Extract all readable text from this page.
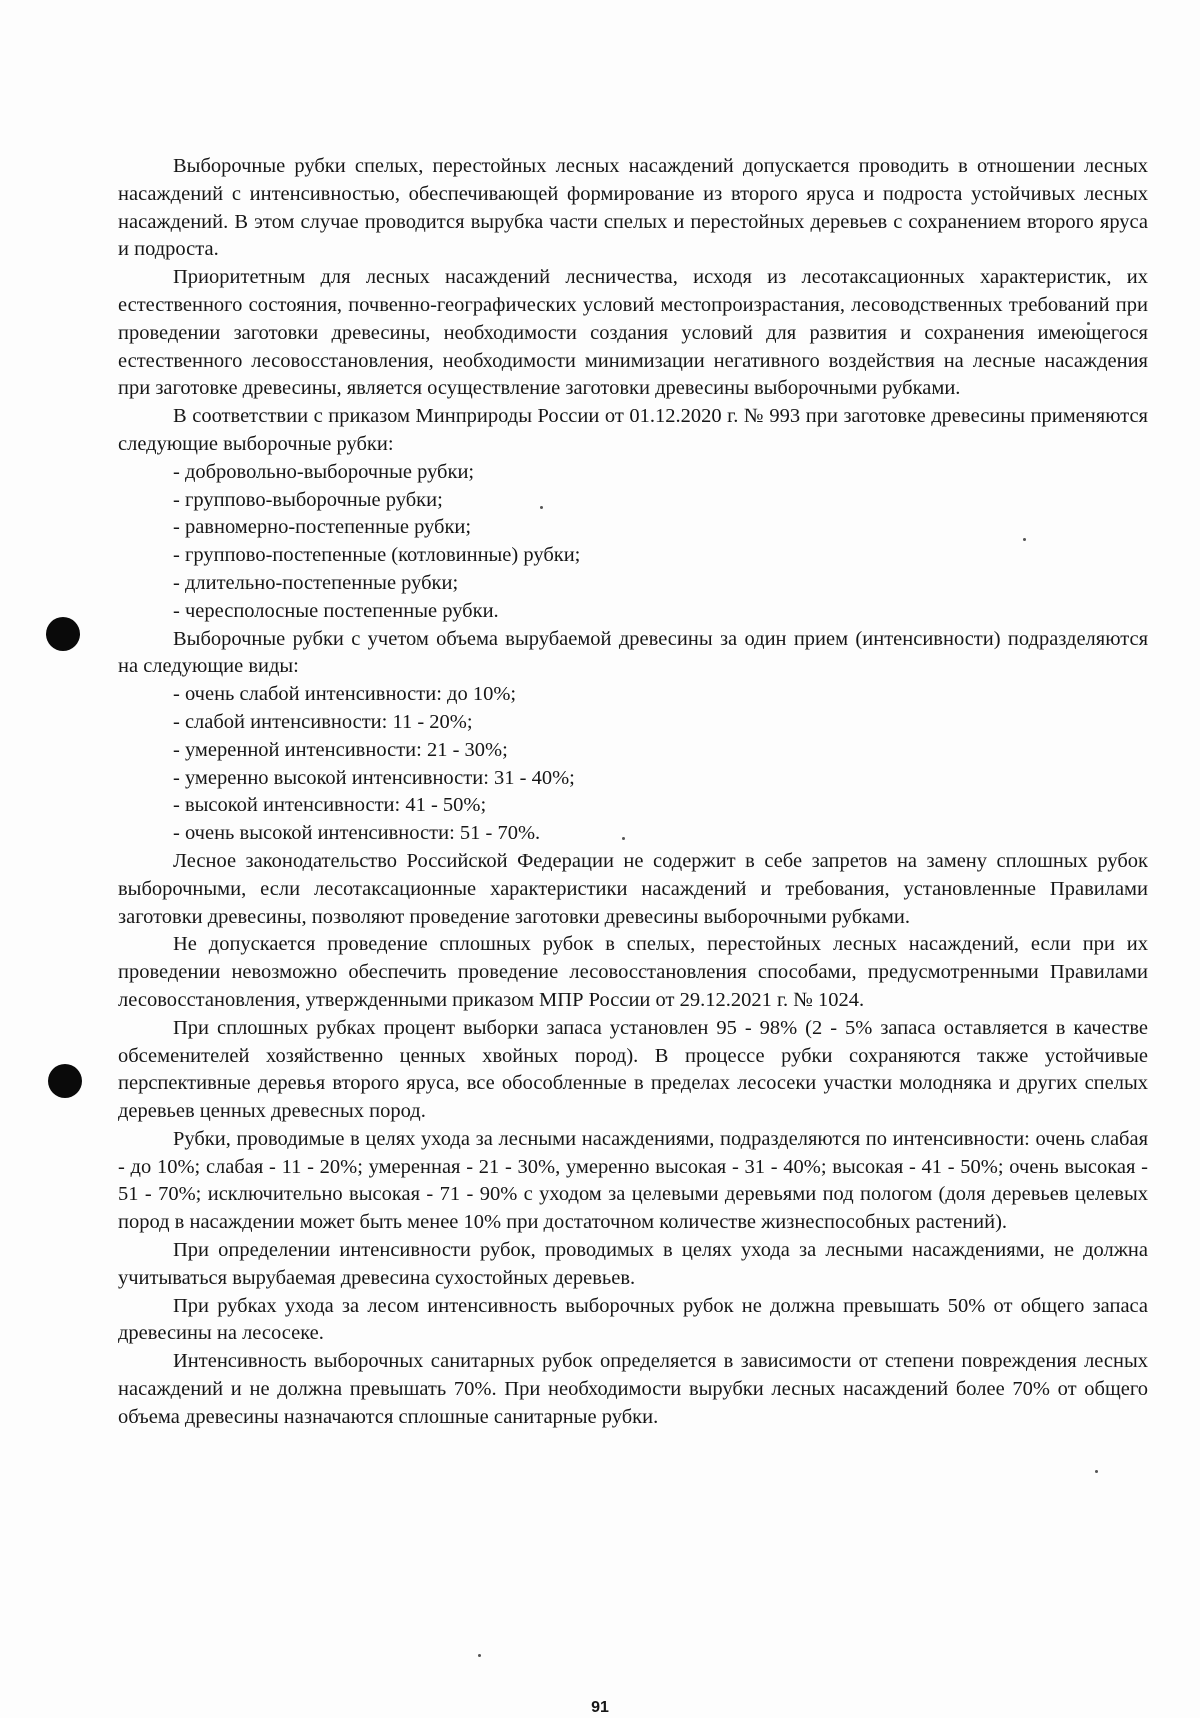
Выборочные рубки спелых, перестойных лесных насаждений допускается проводить в отношении лесных насаждений с интенсивностью, обеспечивающей формирование из второго яруса и подроста устойчивых лесных насаждений. В этом случае проводится вырубка части спелых и перестойных деревьев с сохранением второго яруса и подроста.

Приоритетным для лесных насаждений лесничества, исходя из лесотаксационных характеристик, их естественного состояния, почвенно-географических условий местопроизрастания, лесоводственных требований при проведении заготовки древесины, необходимости создания условий для развития и сохранения имеющегося естественного лесовосстановления, необходимости минимизации негативного воздействия на лесные насаждения при заготовке древесины, является осуществление заготовки древесины выборочными рубками.

В соответствии с приказом Минприроды России от 01.12.2020 г. № 993 при заготовке древесины применяются следующие выборочные рубки:

- добровольно-выборочные рубки;

- группово-выборочные рубки;

- равномерно-постепенные рубки;

- группово-постепенные (котловинные) рубки;

- длительно-постепенные рубки;

- чересполосные постепенные рубки.

Выборочные рубки с учетом объема вырубаемой древесины за один прием (интенсивности) подразделяются на следующие виды:

- очень слабой интенсивности: до 10%;

- слабой интенсивности: 11 - 20%;

- умеренной интенсивности: 21 - 30%;

- умеренно высокой интенсивности: 31 - 40%;

- высокой интенсивности: 41 - 50%;

- очень высокой интенсивности: 51 - 70%.

Лесное законодательство Российской Федерации не содержит в себе запретов на замену сплошных рубок выборочными, если лесотаксационные характеристики насаждений и требования, установленные Правилами заготовки древесины, позволяют проведение заготовки древесины выборочными рубками.

Не допускается проведение сплошных рубок в спелых, перестойных лесных насаждений, если при их проведении невозможно обеспечить проведение лесовосстановления способами, предусмотренными Правилами лесовосстановления, утвержденными приказом МПР России от 29.12.2021 г. № 1024.

При сплошных рубках процент выборки запаса установлен 95 - 98% (2 - 5% запаса оставляется в качестве обсеменителей хозяйственно ценных хвойных пород). В процессе рубки сохраняются также устойчивые перспективные деревья второго яруса, все обособленные в пределах лесосеки участки молодняка и других спелых деревьев ценных древесных пород.

Рубки, проводимые в целях ухода за лесными насаждениями, подразделяются по интенсивности: очень слабая - до 10%; слабая - 11 - 20%; умеренная - 21 - 30%, умеренно высокая - 31 - 40%; высокая - 41 - 50%; очень высокая - 51 - 70%; исключительно высокая - 71 - 90% с уходом за целевыми деревьями под пологом (доля деревьев целевых пород в насаждении может быть менее 10% при достаточном количестве жизнеспособных растений).

При определении интенсивности рубок, проводимых в целях ухода за лесными насаждениями, не должна учитываться вырубаемая древесина сухостойных деревьев.

При рубках ухода за лесом интенсивность выборочных рубок не должна превышать 50% от общего запаса древесины на лесосеке.

Интенсивность выборочных санитарных рубок определяется в зависимости от степени повреждения лесных насаждений и не должна превышать 70%. При необходимости вырубки лесных насаждений более 70% от общего объема древесины назначаются сплошные санитарные рубки.

91
